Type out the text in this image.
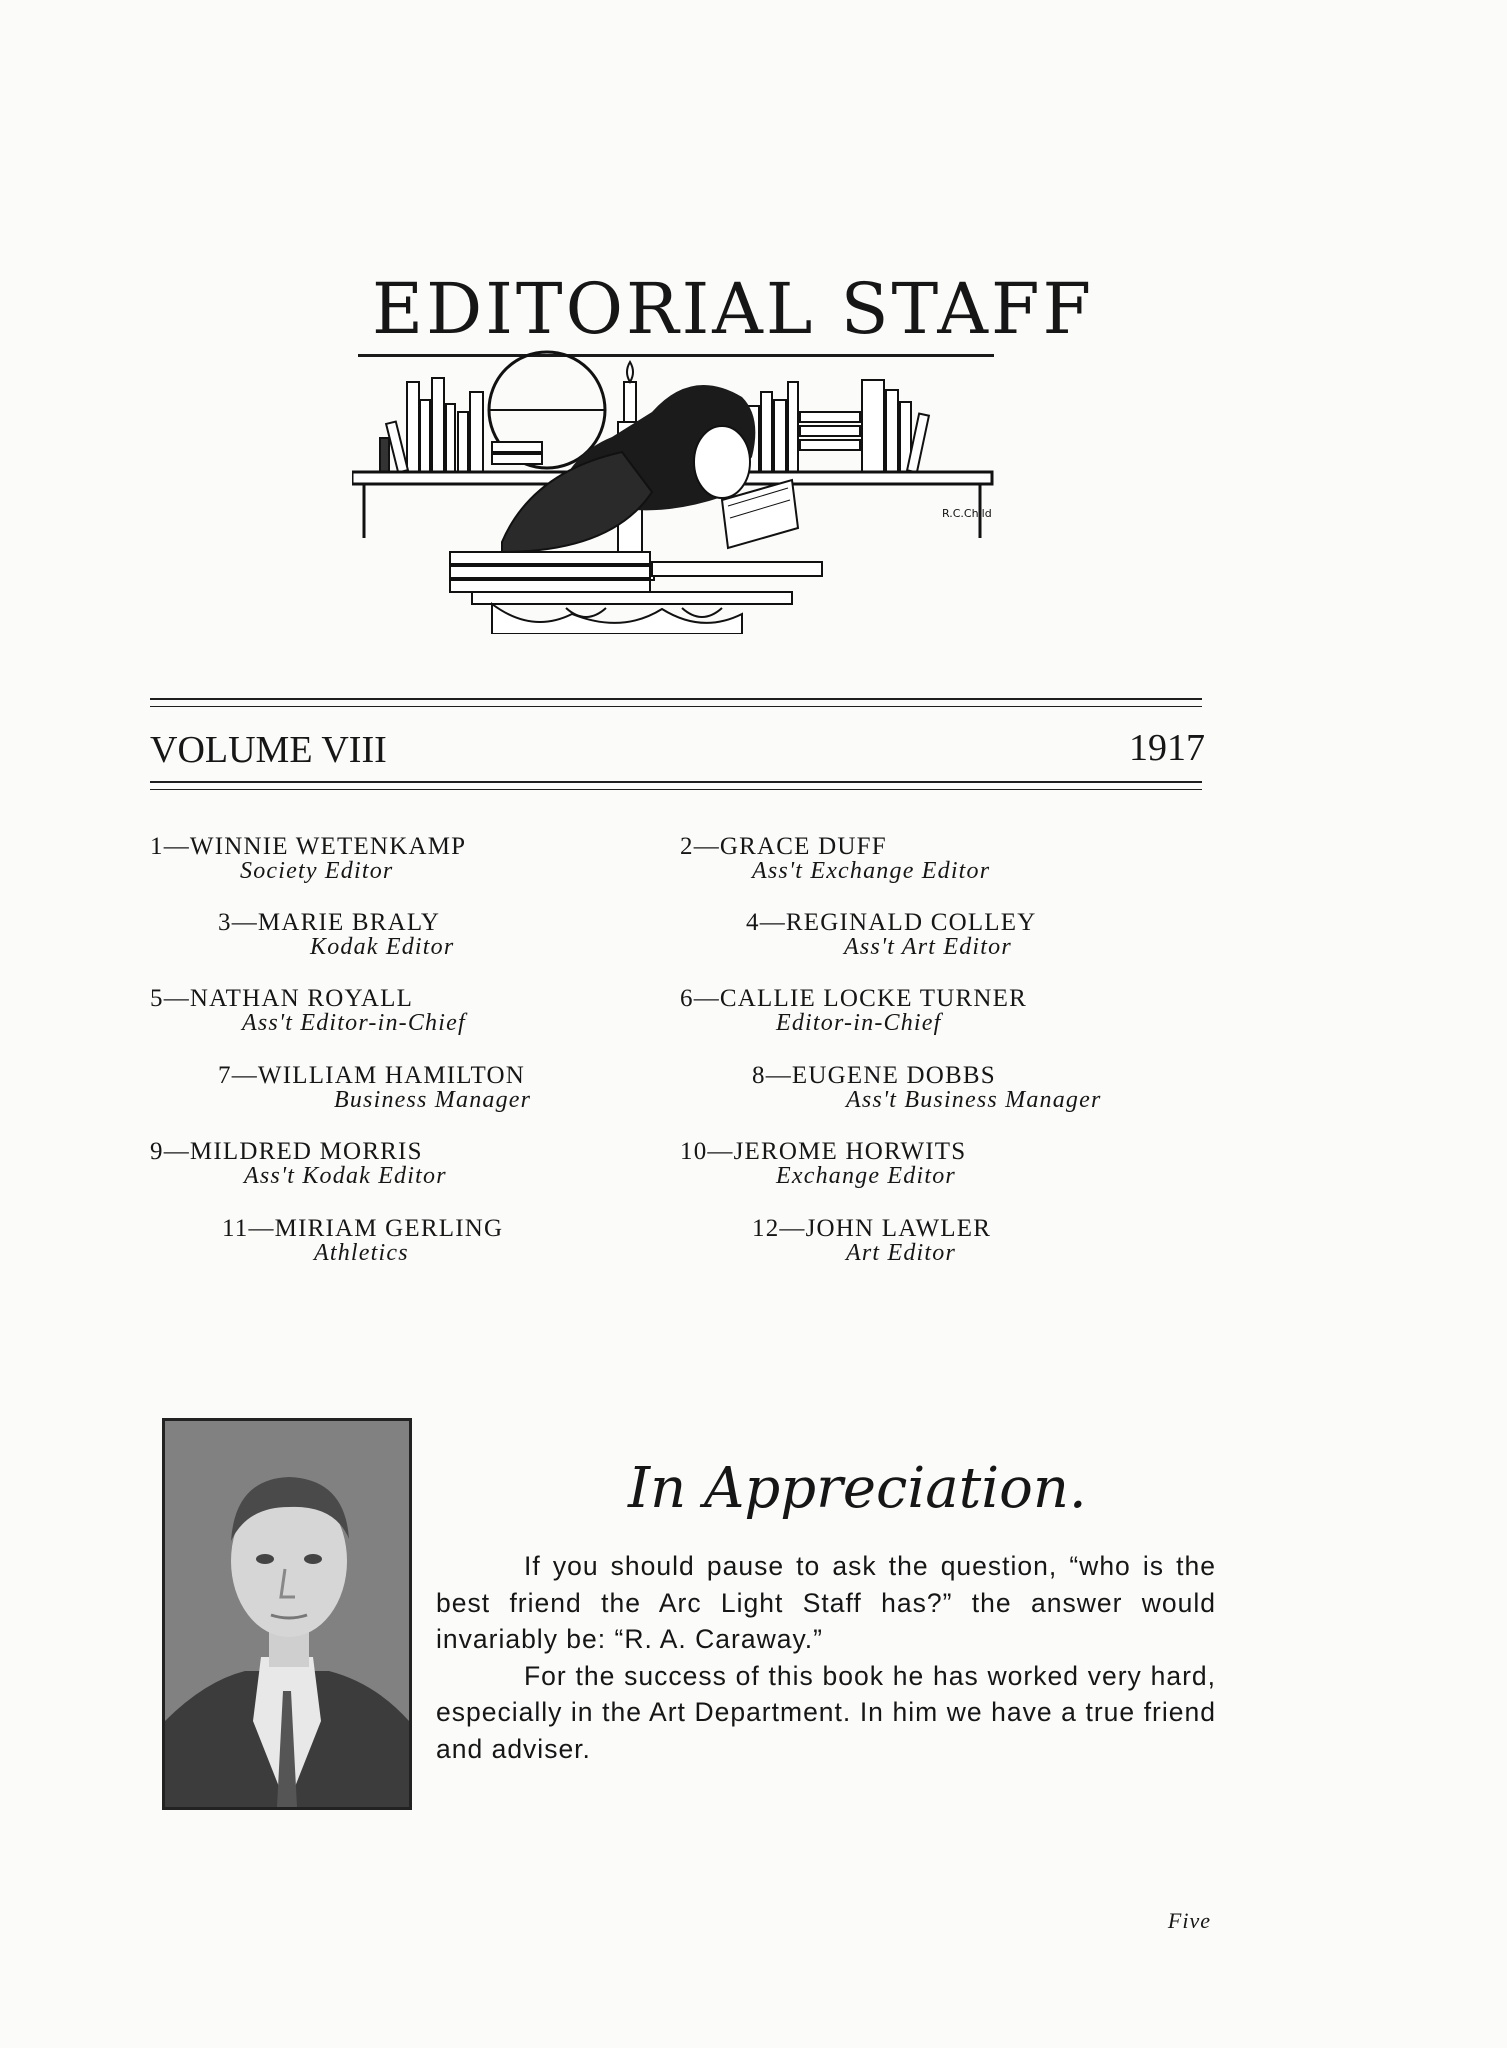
EDITORIAL STAFF
R.C.Child
VOLUME VIII	1917
1—WINNIE WETENKAMP
Society Editor
3—MARIE BRALY
Kodak Editor
5—NATHAN ROYALL
Ass't Editor-in-Chief
7—WILLIAM HAMILTON
Business Manager
9—MILDRED MORRIS
Ass't Kodak Editor
11—MIRIAM GERLING
Athletics
2—GRACE DUFF
Ass't Exchange Editor
4—REGINALD COLLEY
Ass't Art Editor
6—CALLIE LOCKE TURNER
Editor-in-Chief
8—EUGENE DOBBS
Ass't Business Manager
10—JEROME HORWITS
Exchange Editor
12—JOHN LAWLER
Art Editor
In Appreciation.

If you should pause to ask the question, “who is the best friend the Arc Light Staff has?” the answer would invariably be: “R. A. Caraway.”

For the success of this book he has worked very hard, especially in the Art Department. In him we have a true friend and adviser.

Five
